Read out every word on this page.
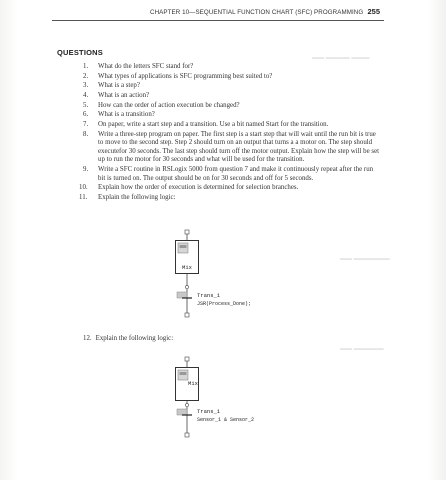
CHAPTER 10—SEQUENTIAL FUNCTION CHART (SFC) PROGRAMMING 255
▬▬ ▬▬▬▬ ▬▬▬
▬▬ ▬▬▬▬▬▬
▬▬ ▬▬▬▬▬
QUESTIONS
1.	What do the letters SFC stand for?
2.	What types of applications is SFC programming best suited to?
3.	What is a step?
4.	What is an action?
5.	How can the order of action execution be changed?
6.	What is a transition?
7.	On paper, write a start step and a transition. Use a bit named Start for the transition.
8.	Write a three-step program on paper. The first step is a start step that will wait until the run bit is true to move to the second step. Step 2 should turn on an output that turns a a motor on. The step should executefor 30 seconds. The last step should turn off the motor output. Explain how the step will be set up to run the motor for 30 seconds and what will be used for the transition.
9.	Write a SFC routine in RSLogix 5000 from question 7 and make it continuously repeat after the run bit is turned on. The output should be on for 30 seconds and off for 5 seconds.
10.	Explain how the order of execution is determined for selection branches.
11.	Explain the following logic:
Mix
Trans_1
JSR(Process_Done);
Mix
Trans_1
Sensor_1 & Sensor_2
12. Explain the following logic:
